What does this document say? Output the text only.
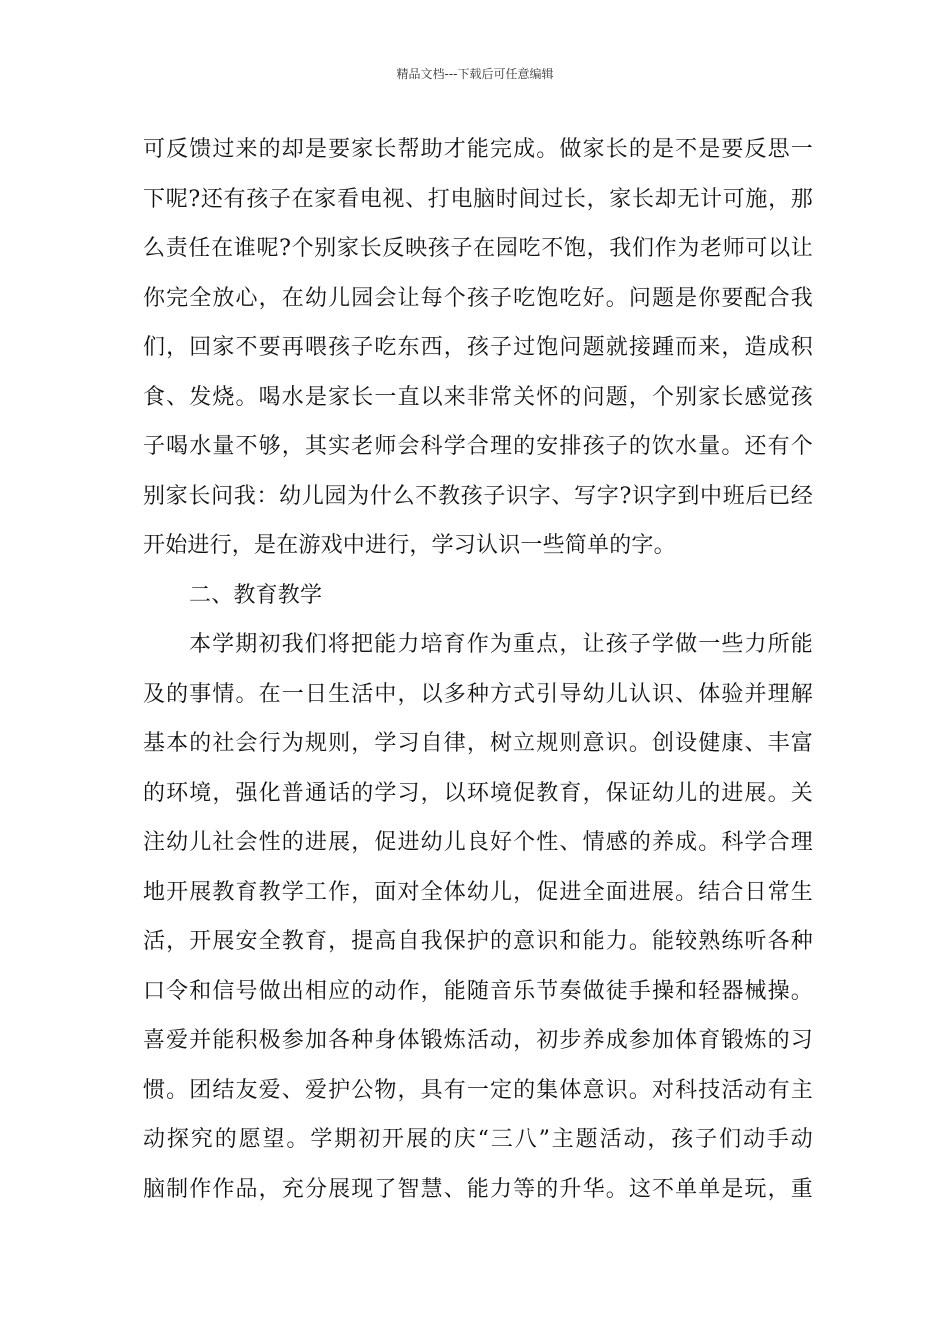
精品文档---下载后可任意编辑
可反馈过来的却是要家长帮助才能完成。做家长的是不是要反思一
下呢?还有孩子在家看电视、打电脑时间过长，家长却无计可施，那
么责任在谁呢?个别家长反映孩子在园吃不饱，我们作为老师可以让
你完全放心，在幼儿园会让每个孩子吃饱吃好。问题是你要配合我
们，回家不要再喂孩子吃东西，孩子过饱问题就接踵而来，造成积
食、发烧。喝水是家长一直以来非常关怀的问题，个别家长感觉孩
子喝水量不够，其实老师会科学合理的安排孩子的饮水量。还有个
别家长问我：幼儿园为什么不教孩子识字、写字?识字到中班后已经
开始进行，是在游戏中进行，学习认识一些简单的字。
二、教育教学
本学期初我们将把能力培育作为重点，让孩子学做一些力所能
及的事情。在一日生活中，以多种方式引导幼儿认识、体验并理解
基本的社会行为规则，学习自律，树立规则意识。创设健康、丰富
的环境，强化普通话的学习，以环境促教育，保证幼儿的进展。关
注幼儿社会性的进展，促进幼儿良好个性、情感的养成。科学合理
地开展教育教学工作，面对全体幼儿，促进全面进展。结合日常生
活，开展安全教育，提高自我保护的意识和能力。能较熟练听各种
口令和信号做出相应的动作，能随音乐节奏做徒手操和轻器械操。
喜爱并能积极参加各种身体锻炼活动，初步养成参加体育锻炼的习
惯。团结友爱、爱护公物，具有一定的集体意识。对科技活动有主
动探究的愿望。学期初开展的庆“三八”主题活动，孩子们动手动
脑制作作品，充分展现了智慧、能力等的升华。这不单单是玩，重
